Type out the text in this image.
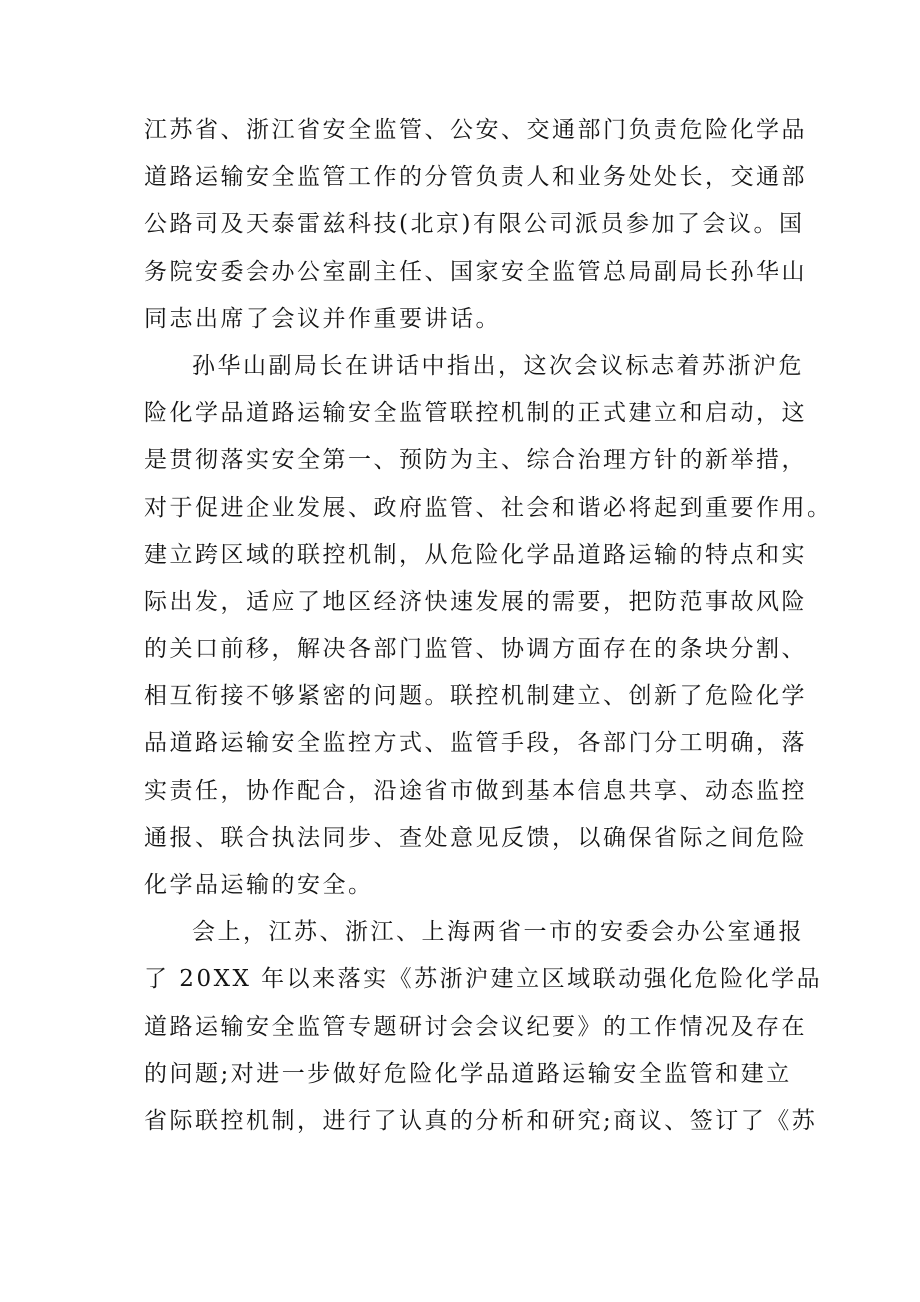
江苏省、浙江省安全监管、公安、交通部门负责危险化学品
道路运输安全监管工作的分管负责人和业务处处长，交通部
公路司及天泰雷兹科技(北京)有限公司派员参加了会议。国
务院安委会办公室副主任、国家安全监管总局副局长孙华山
同志出席了会议并作重要讲话。
孙华山副局长在讲话中指出，这次会议标志着苏浙沪危
险化学品道路运输安全监管联控机制的正式建立和启动，这
是贯彻落实安全第一、预防为主、综合治理方针的新举措，
对于促进企业发展、政府监管、社会和谐必将起到重要作用。
建立跨区域的联控机制，从危险化学品道路运输的特点和实
际出发，适应了地区经济快速发展的需要，把防范事故风险
的关口前移，解决各部门监管、协调方面存在的条块分割、
相互衔接不够紧密的问题。联控机制建立、创新了危险化学
品道路运输安全监控方式、监管手段，各部门分工明确，落
实责任，协作配合，沿途省市做到基本信息共享、动态监控
通报、联合执法同步、查处意见反馈，以确保省际之间危险
化学品运输的安全。
会上，江苏、浙江、上海两省一市的安委会办公室通报
了 20XX 年以来落实《苏浙沪建立区域联动强化危险化学品
道路运输安全监管专题研讨会会议纪要》的工作情况及存在
的问题;对进一步做好危险化学品道路运输安全监管和建立
省际联控机制，进行了认真的分析和研究;商议、签订了《苏
